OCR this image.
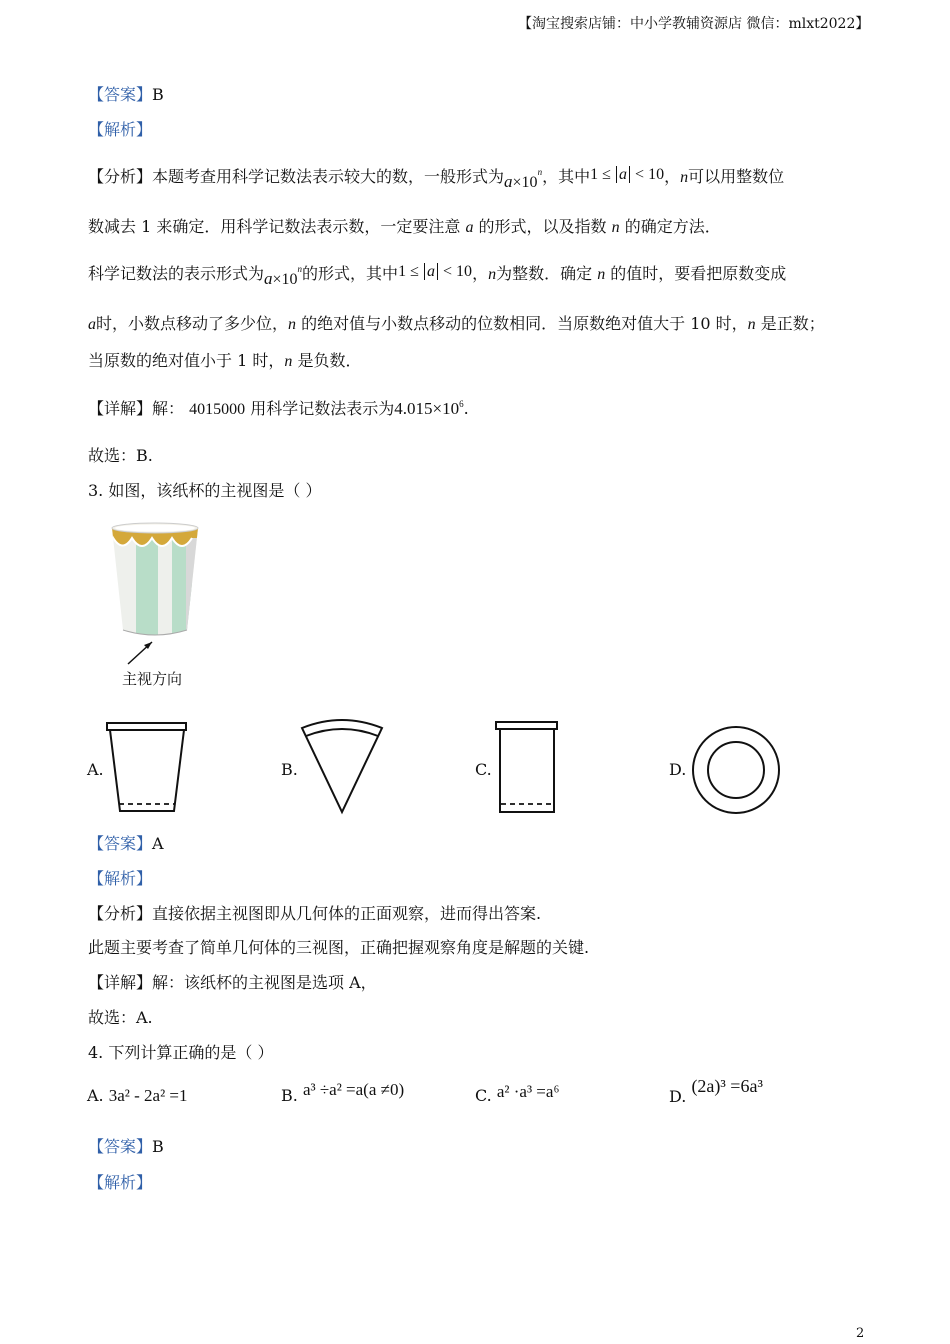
【淘宝搜索店铺：中小学教辅资源店 微信：mlxt2022】
【答案】B
【解析】
【分析】本题考查用科学记数法表示较大的数，一般形式为$a\times 10^n$，其中1 ≤ a < 10，n可以用整数位
数减去 1 来确定．用科学记数法表示数，一定要注意 a 的形式，以及指数 n 的确定方法．
科学记数法的表示形式为$a\times 10^n$的形式，其中1 ≤ a < 10，n为整数．确定 n 的值时，要看把原数变成
a时，小数点移动了多少位，n 的绝对值与小数点移动的位数相同．当原数绝对值大于 10 时，n 是正数；
当原数的绝对值小于 1 时，n 是负数．
【详解】解： 4015000 用科学记数法表示为$4.015\times 10^6$.
故选：B.
3. 如图，该纸杯的主视图是（ ）
主视方向
A.	B.	C.	D.
【答案】A
【解析】
【分析】直接依据主视图即从几何体的正面观察，进而得出答案.
此题主要考查了简单几何体的三视图，正确把握观察角度是解题的关键.
【详解】解：该纸杯的主视图是选项 A，
故选：A.
4. 下列计算正确的是（ ）
A. 3a² - 2a² =1	B. a³ ÷a² =a(a ≠0)	C. a² ·a³ =a⁶	D. (2a)³ =6a³
【答案】B
【解析】
2
